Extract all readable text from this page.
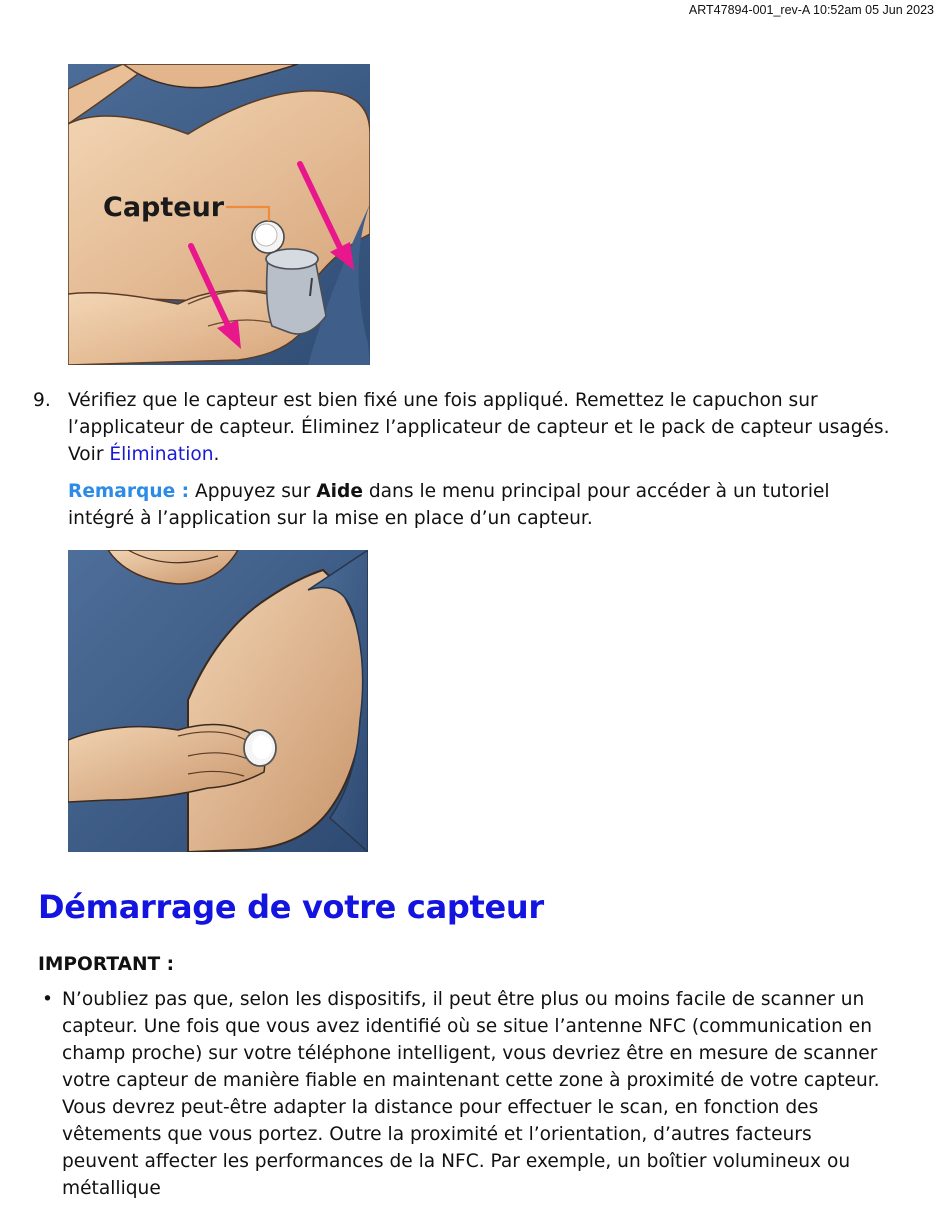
ART47894-001_rev-A 10:52am 05 Jun 2023
Capteur
9. Vérifiez que le capteur est bien fixé une fois appliqué. Remettez le capuchon sur l’applicateur de capteur. Éliminez l’applicateur de capteur et le pack de capteur usagés. Voir Élimination.
Remarque : Appuyez sur Aide dans le menu principal pour accéder à un tutoriel intégré à l’application sur la mise en place d’un capteur.
Démarrage de votre capteur
IMPORTANT :
• N’oubliez pas que, selon les dispositifs, il peut être plus ou moins facile de scanner un capteur. Une fois que vous avez identifié où se situe l’antenne NFC (communication en champ proche) sur votre téléphone intelligent, vous devriez être en mesure de scanner votre capteur de manière fiable en maintenant cette zone à proximité de votre capteur. Vous devrez peut-être adapter la distance pour effectuer le scan, en fonction des vêtements que vous portez. Outre la proximité et l’orientation, d’autres facteurs peuvent affecter les performances de la NFC. Par exemple, un boîtier volumineux ou métallique
